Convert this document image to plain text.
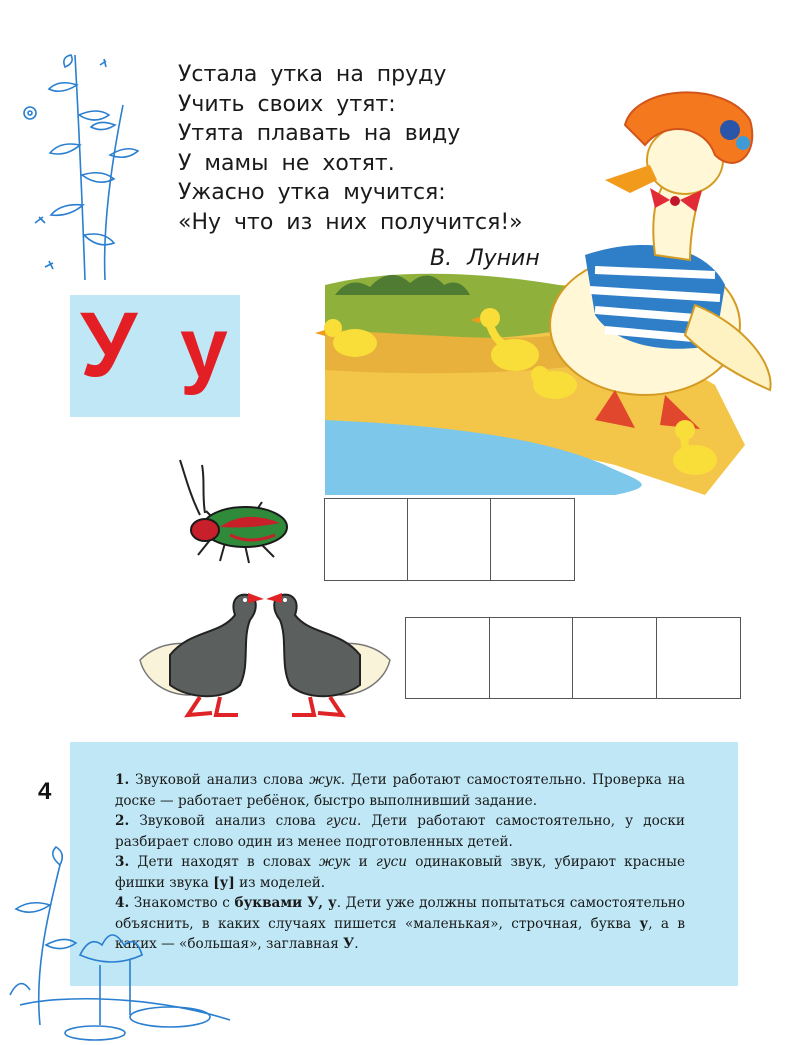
Устала утка на пруду
Учить своих утят:
Утята плавать на виду
У мамы не хотят.
Ужасно утка мучится:
«Ну что из них получится!»
В. Лунин
У у
4	1. Звуковой анализ слова жук. Дети работают самостоятельно. Проверка на доске — работает ребёнок, быстро выполнивший задание.

2. Звуковой анализ слова гуси. Дети работают самостоятельно, у доски разбирает слово один из менее подготовленных детей.

3. Дети находят в словах жук и гуси одинаковый звук, убирают красные фишки звука [у] из моделей.

4. Знакомство с буквами У, у. Дети уже должны попытаться самостоятельно объяснить, в каких случаях пишется «маленькая», строчная, буква у, а в каких — «большая», заглавная У.
